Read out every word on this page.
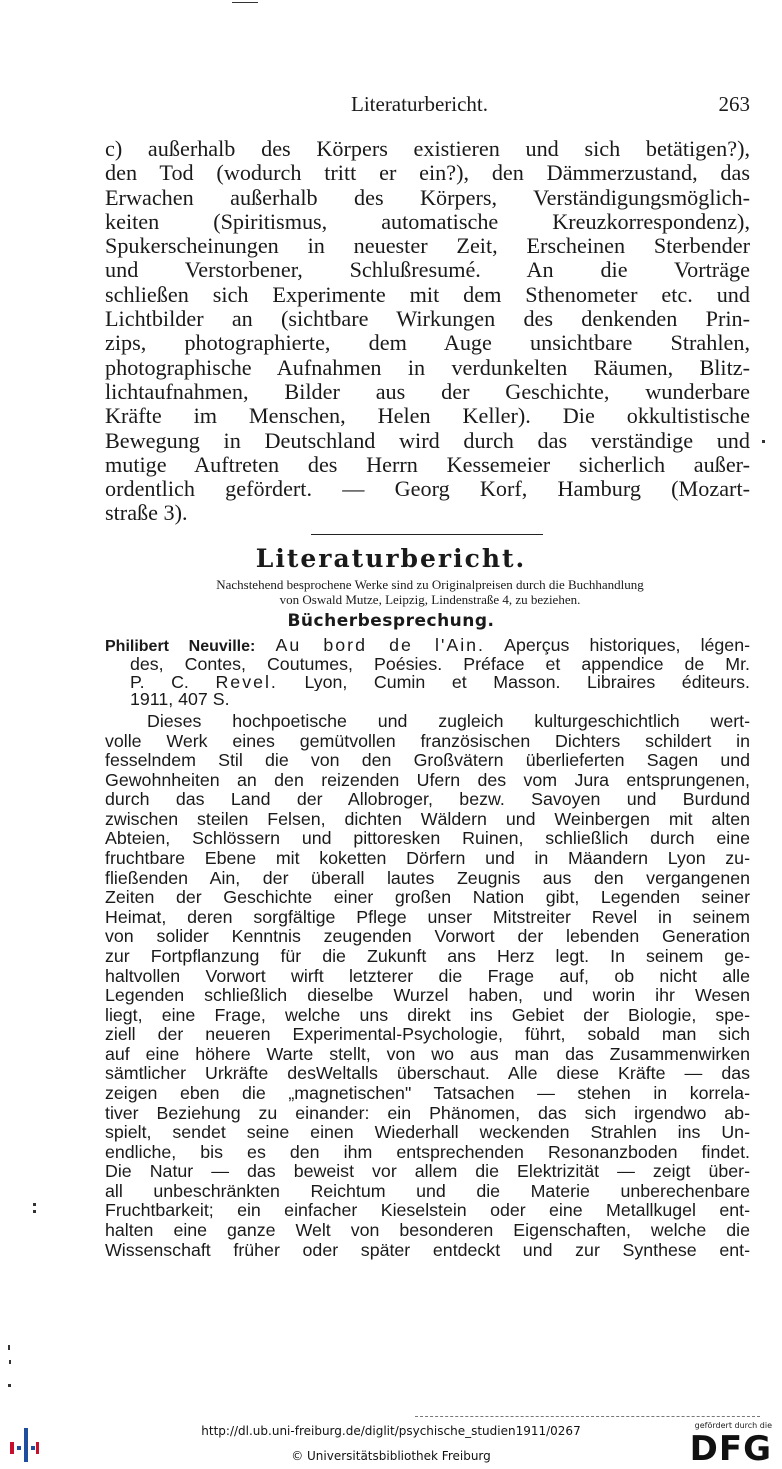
Literaturbericht.	263
c) außerhalb des Körpers existieren und sich betätigen?),
den Tod (wodurch tritt er ein?), den Dämmerzustand, das
Erwachen außerhalb des Körpers, Verständigungsmöglich-
keiten (Spiritismus, automatische Kreuzkorrespondenz),
Spukerscheinungen in neuester Zeit, Erscheinen Sterbender
und Verstorbener, Schlußresumé. An die Vorträge
schließen sich Experimente mit dem Sthenometer etc. und
Lichtbilder an (sichtbare Wirkungen des denkenden Prin-
zips, photographierte, dem Auge unsichtbare Strahlen,
photographische Aufnahmen in verdunkelten Räumen, Blitz-
lichtaufnahmen, Bilder aus der Geschichte, wunderbare
Kräfte im Menschen, Helen Keller). Die okkultistische
Bewegung in Deutschland wird durch das verständige und
mutige Auftreten des Herrn Kessemeier sicherlich außer-
ordentlich gefördert. — Georg Korf, Hamburg (Mozart-
straße 3).
Literaturbericht.
Nachstehend besprochene Werke sind zu Originalpreisen durch die Buchhandlung
von Oswald Mutze, Leipzig, Lindenstraße 4, zu beziehen.
Bücherbesprechung.
Philibert Neuville: Au bord de l'Ain. Aperçus historiques, légen-
des, Contes, Coutumes, Poésies. Préface et appendice de Mr.
P. C. Revel. Lyon, Cumin et Masson. Libraires éditeurs.
1911, 407 S.
Dieses hochpoetische und zugleich kulturgeschichtlich wert-
volle Werk eines gemütvollen französischen Dichters schildert in
fesselndem Stil die von den Großvätern überlieferten Sagen und
Gewohnheiten an den reizenden Ufern des vom Jura entsprungenen,
durch das Land der Allobroger, bezw. Savoyen und Burdund
zwischen steilen Felsen, dichten Wäldern und Weinbergen mit alten
Abteien, Schlössern und pittoresken Ruinen, schließlich durch eine
fruchtbare Ebene mit koketten Dörfern und in Mäandern Lyon zu-
fließenden Ain, der überall lautes Zeugnis aus den vergangenen
Zeiten der Geschichte einer großen Nation gibt, Legenden seiner
Heimat, deren sorgfältige Pflege unser Mitstreiter Revel in seinem
von solider Kenntnis zeugenden Vorwort der lebenden Generation
zur Fortpflanzung für die Zukunft ans Herz legt. In seinem ge-
haltvollen Vorwort wirft letzterer die Frage auf, ob nicht alle
Legenden schließlich dieselbe Wurzel haben, und worin ihr Wesen
liegt, eine Frage, welche uns direkt ins Gebiet der Biologie, spe-
ziell der neueren Experimental-Psychologie, führt, sobald man sich
auf eine höhere Warte stellt, von wo aus man das Zusammenwirken
sämtlicher Urkräfte desWeltalls überschaut. Alle diese Kräfte — das
zeigen eben die „magnetischen" Tatsachen — stehen in korrela-
tiver Beziehung zu einander: ein Phänomen, das sich irgendwo ab-
spielt, sendet seine einen Wiederhall weckenden Strahlen ins Un-
endliche, bis es den ihm entsprechenden Resonanzboden findet.
Die Natur — das beweist vor allem die Elektrizität — zeigt über-
all unbeschränkten Reichtum und die Materie unberechenbare
Fruchtbarkeit; ein einfacher Kieselstein oder eine Metallkugel ent-
halten eine ganze Welt von besonderen Eigenschaften, welche die
Wissenschaft früher oder später entdeckt und zur Synthese ent-
http://dl.ub.uni-freiburg.de/diglit/psychische_studien1911/0267
© Universitätsbibliothek Freiburg
gefördert durch die
DFG
